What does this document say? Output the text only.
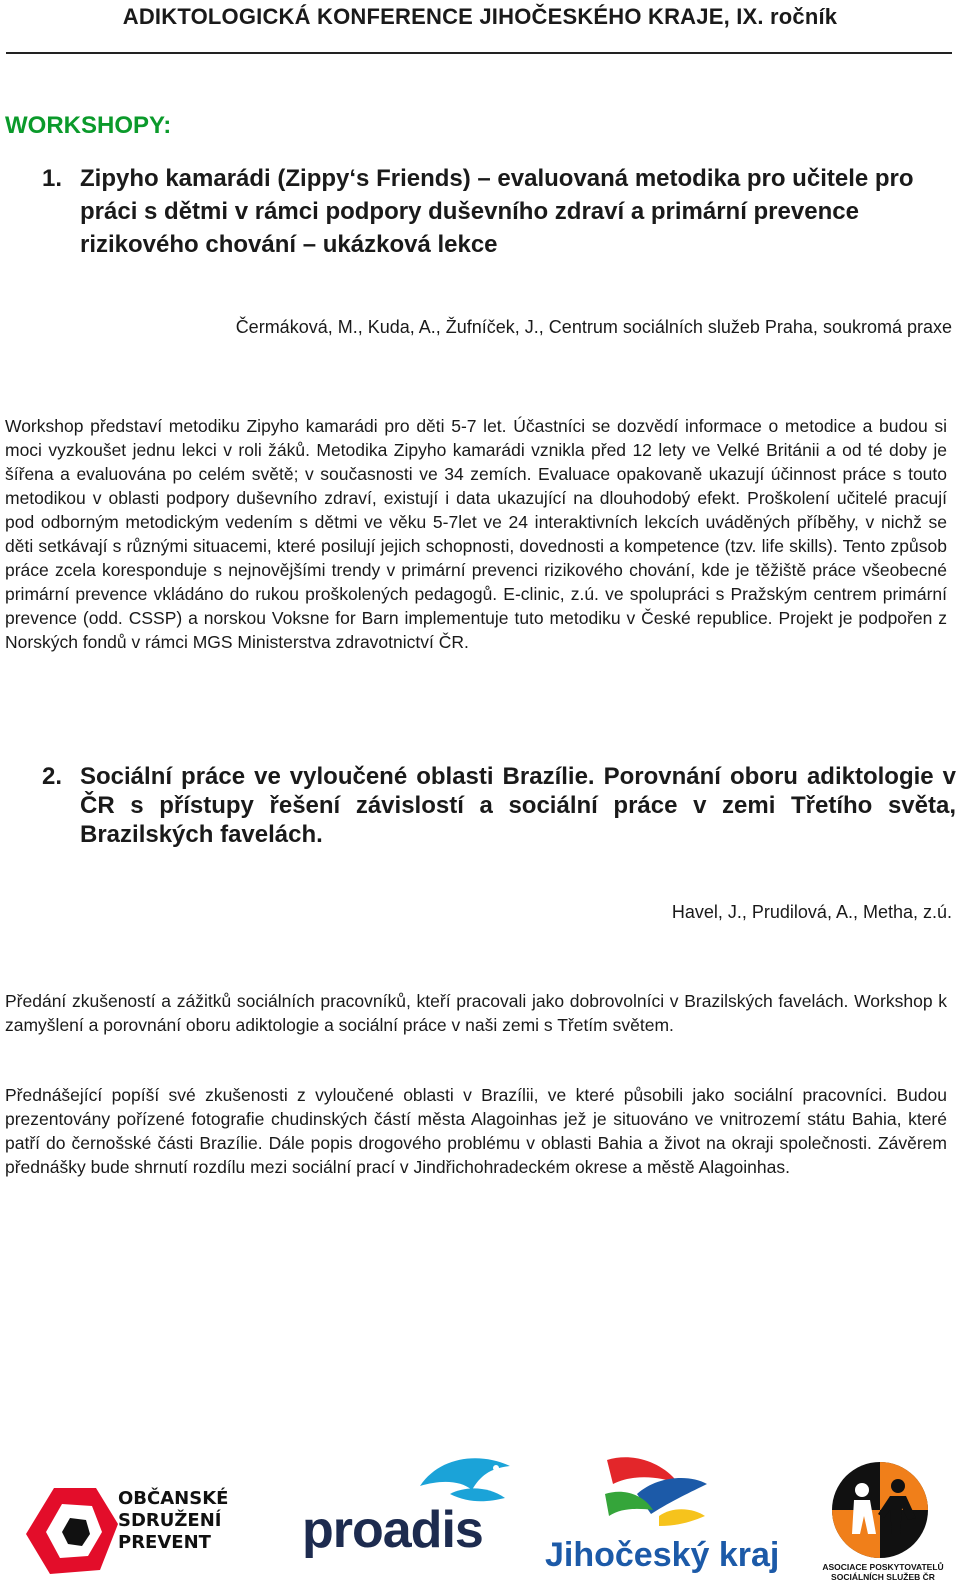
ADIKTOLOGICKÁ KONFERENCE JIHOČESKÉHO KRAJE, IX. ročník
WORKSHOPY:
1. Zipyho kamarádi (Zippy‘s Friends) – evaluovaná metodika pro učitele pro práci s dětmi v rámci podpory duševního zdraví a primární prevence rizikového chování – ukázková lekce
Čermáková, M., Kuda, A., Žufníček, J., Centrum sociálních služeb Praha, soukromá praxe

Workshop představí metodiku Zipyho kamarádi pro děti 5-7 let. Účastníci se dozvědí informace o metodice a budou si moci vyzkoušet jednu lekci v roli žáků. Metodika Zipyho kamarádi vznikla před 12 lety ve Velké Británii a od té doby je šířena a evaluována po celém světě; v současnosti ve 34 zemích. Evaluace opakovaně ukazují účinnost práce s touto metodikou v oblasti podpory duševního zdraví, existují i data ukazující na dlouhodobý efekt. Proškolení učitelé pracují pod odborným metodickým vedením s dětmi ve věku 5-7let ve 24 interaktivních lekcích uváděných příběhy, v nichž se děti setkávají s různými situacemi, které posilují jejich schopnosti, dovednosti a kompetence (tzv. life skills). Tento způsob práce zcela koresponduje s nejnovějšími trendy v primární prevenci rizikového chování, kde je těžiště práce všeobecné primární prevence vkládáno do rukou proškolených pedagogů. E-clinic, z.ú. ve spolupráci s Pražským centrem primární prevence (odd. CSSP) a norskou Voksne for Barn implementuje tuto metodiku v České republice. Projekt je podpořen z Norských fondů v rámci MGS Ministerstva zdravotnictví ČR.

2. Sociální práce ve vyloučené oblasti Brazílie. Porovnání oboru adiktologie v ČR s přístupy řešení závislostí a sociální práce v zemi Třetího světa, Brazilských favelách.
Havel, J., Prudilová, A., Metha, z.ú.

Předání zkušeností a zážitků sociálních pracovníků, kteří pracovali jako dobrovolníci v Brazilských favelách. Workshop k zamyšlení a porovnání oboru adiktologie a sociální práce v naši zemi s Třetím světem.

Přednášející popíší své zkušenosti z vyloučené oblasti v Brazílii, ve které působili jako sociální pracovníci. Budou prezentovány pořízené fotografie chudinských částí města Alagoinhas jež je situováno ve vnitrozemí státu Bahia, které patří do černošské části Brazílie. Dále popis drogového problému v oblasti Bahia a život na okraji společnosti. Závěrem přednášky bude shrnutí rozdílu mezi sociální prací v Jindřichohradeckém okrese a městě Alagoinhas.

OBČANSKÉ
SDRUŽENÍ
PREVENT	proadis Jihočeský kraj	ASOCIACE POSKYTOVATELŮ
SOCIÁLNÍCH SLUŽEB ČR
